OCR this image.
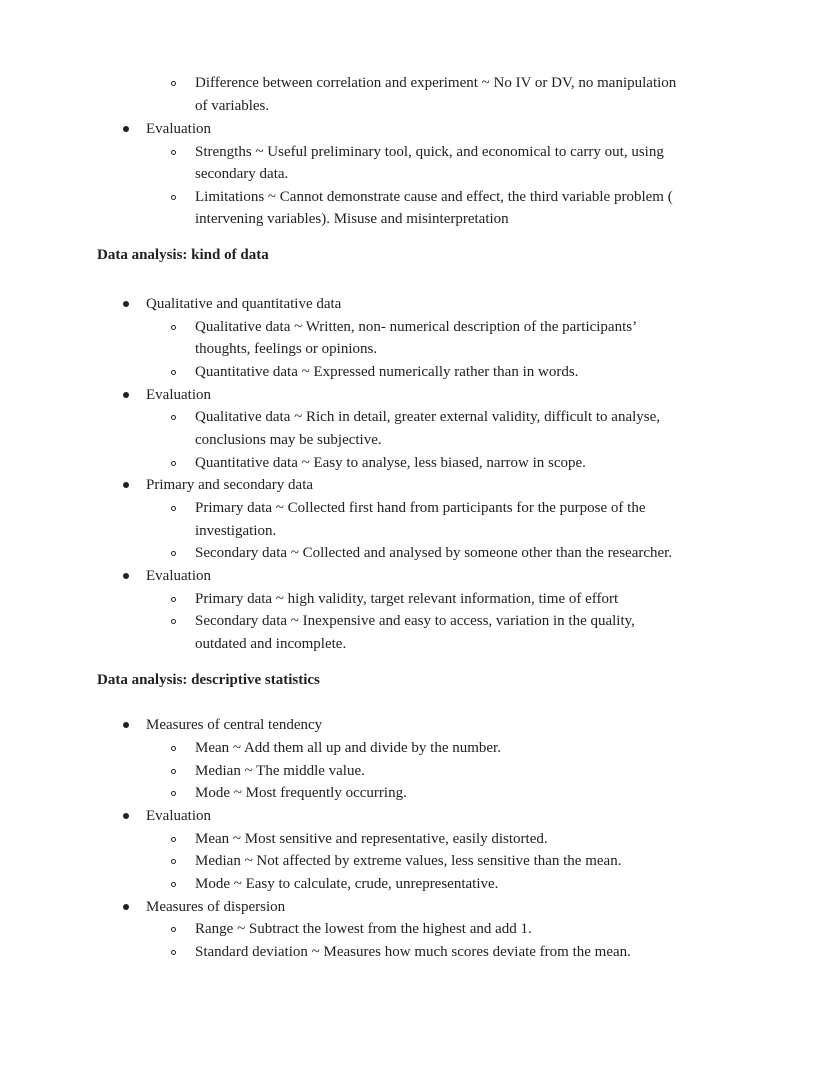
Difference between correlation and experiment ~ No IV or DV, no manipulation
of variables.
Evaluation
Strengths ~ Useful preliminary tool, quick, and economical to carry out, using
secondary data.
Limitations ~ Cannot demonstrate cause and effect, the third variable problem (
intervening variables). Misuse and misinterpretation
Data analysis: kind of data
Qualitative and quantitative data
Qualitative data ~ Written, non- numerical description of the participants’
thoughts, feelings or opinions.
Quantitative data ~ Expressed numerically rather than in words.
Evaluation
Qualitative data ~ Rich in detail, greater external validity, difficult to analyse,
conclusions may be subjective.
Quantitative data ~ Easy to analyse, less biased, narrow in scope.
Primary and secondary data
Primary data ~ Collected first hand from participants for the purpose of the
investigation.
Secondary data ~ Collected and analysed by someone other than the researcher.
Evaluation
Primary data ~ high validity, target relevant information, time of effort
Secondary data ~ Inexpensive and easy to access, variation in the quality,
outdated and incomplete.
Data analysis: descriptive statistics
Measures of central tendency
Mean ~ Add them all up and divide by the number.
Median ~ The middle value.
Mode ~ Most frequently occurring.
Evaluation
Mean ~ Most sensitive and representative, easily distorted.
Median ~ Not affected by extreme values, less sensitive than the mean.
Mode ~ Easy to calculate, crude, unrepresentative.
Measures of dispersion
Range ~ Subtract the lowest from the highest and add 1.
Standard deviation ~ Measures how much scores deviate from the mean.
